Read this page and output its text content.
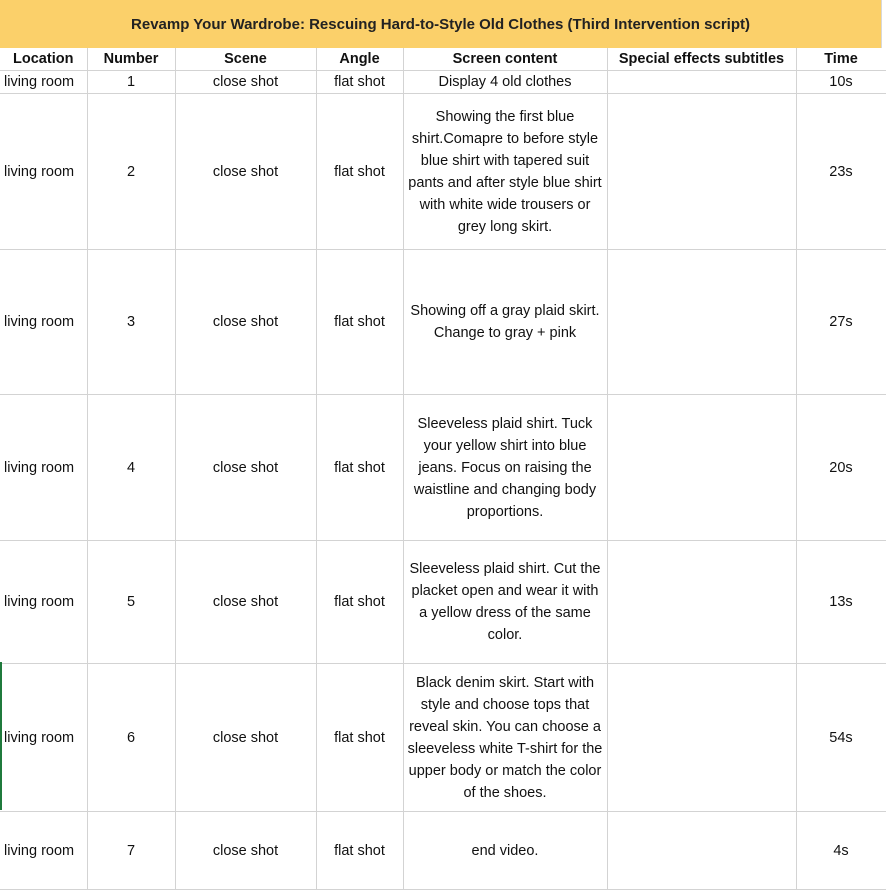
Revamp Your Wardrobe: Rescuing Hard-to-Style Old Clothes (Third Intervention script)
Location	Number	Scene	Angle	Screen content	Special effects subtitles	Time
living room	1	close shot	flat shot	Display 4 old clothes		10s
living room	2	close shot	flat shot	Showing the first blue shirt.Comapre to before style blue shirt with tapered suit pants and after style blue shirt with white wide trousers or grey long skirt.		23s
living room	3	close shot	flat shot	Showing off a gray plaid skirt. Change to gray + pink		27s
living room	4	close shot	flat shot	Sleeveless plaid shirt. Tuck your yellow shirt into blue jeans. Focus on raising the waistline and changing body proportions.		20s
living room	5	close shot	flat shot	Sleeveless plaid shirt. Cut the placket open and wear it with a yellow dress of the same color.		13s
living room	6	close shot	flat shot	Black denim skirt. Start with style and choose tops that reveal skin. You can choose a sleeveless white T-shirt for the upper body or match the color of the shoes.		54s
living room	7	close shot	flat shot	end video.		4s
